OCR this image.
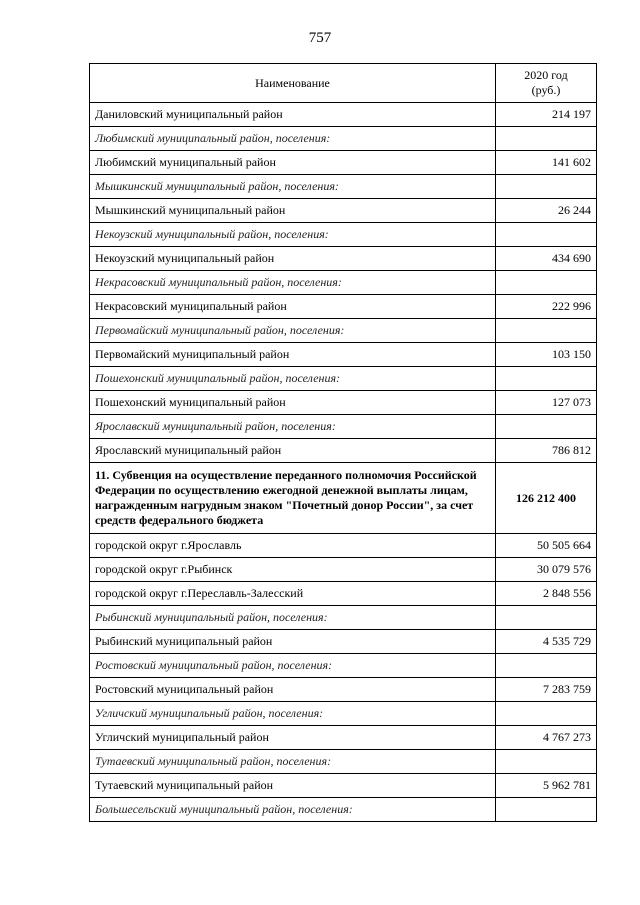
757
Наименование	2020 год
(руб.)
Даниловский муниципальный район	214 197
Любимский муниципальный район, поселения:	
Любимский муниципальный район	141 602
Мышкинский муниципальный район, поселения:	
Мышкинский муниципальный район	26 244
Некоузский муниципальный район, поселения:	
Некоузский муниципальный район	434 690
Некрасовский муниципальный район, поселения:	
Некрасовский муниципальный район	222 996
Первомайский муниципальный район, поселения:	
Первомайский муниципальный район	103 150
Пошехонский муниципальный район, поселения:	
Пошехонский муниципальный район	127 073
Ярославский муниципальный район, поселения:	
Ярославский муниципальный район	786 812
11. Субвенция на осуществление переданного полномочия Российской Федерации по осуществлению ежегодной денежной выплаты лицам, награжденным нагрудным знаком "Почетный донор России", за счет средств федерального бюджета	126 212 400
городской округ г.Ярославль	50 505 664
городской округ г.Рыбинск	30 079 576
городской округ г.Переславль-Залесский	2 848 556
Рыбинский муниципальный район, поселения:	
Рыбинский муниципальный район	4 535 729
Ростовский муниципальный район, поселения:	
Ростовский муниципальный район	7 283 759
Угличский муниципальный район, поселения:	
Угличский муниципальный район	4 767 273
Тутаевский муниципальный район, поселения:	
Тутаевский муниципальный район	5 962 781
Большесельский муниципальный район, поселения:	
